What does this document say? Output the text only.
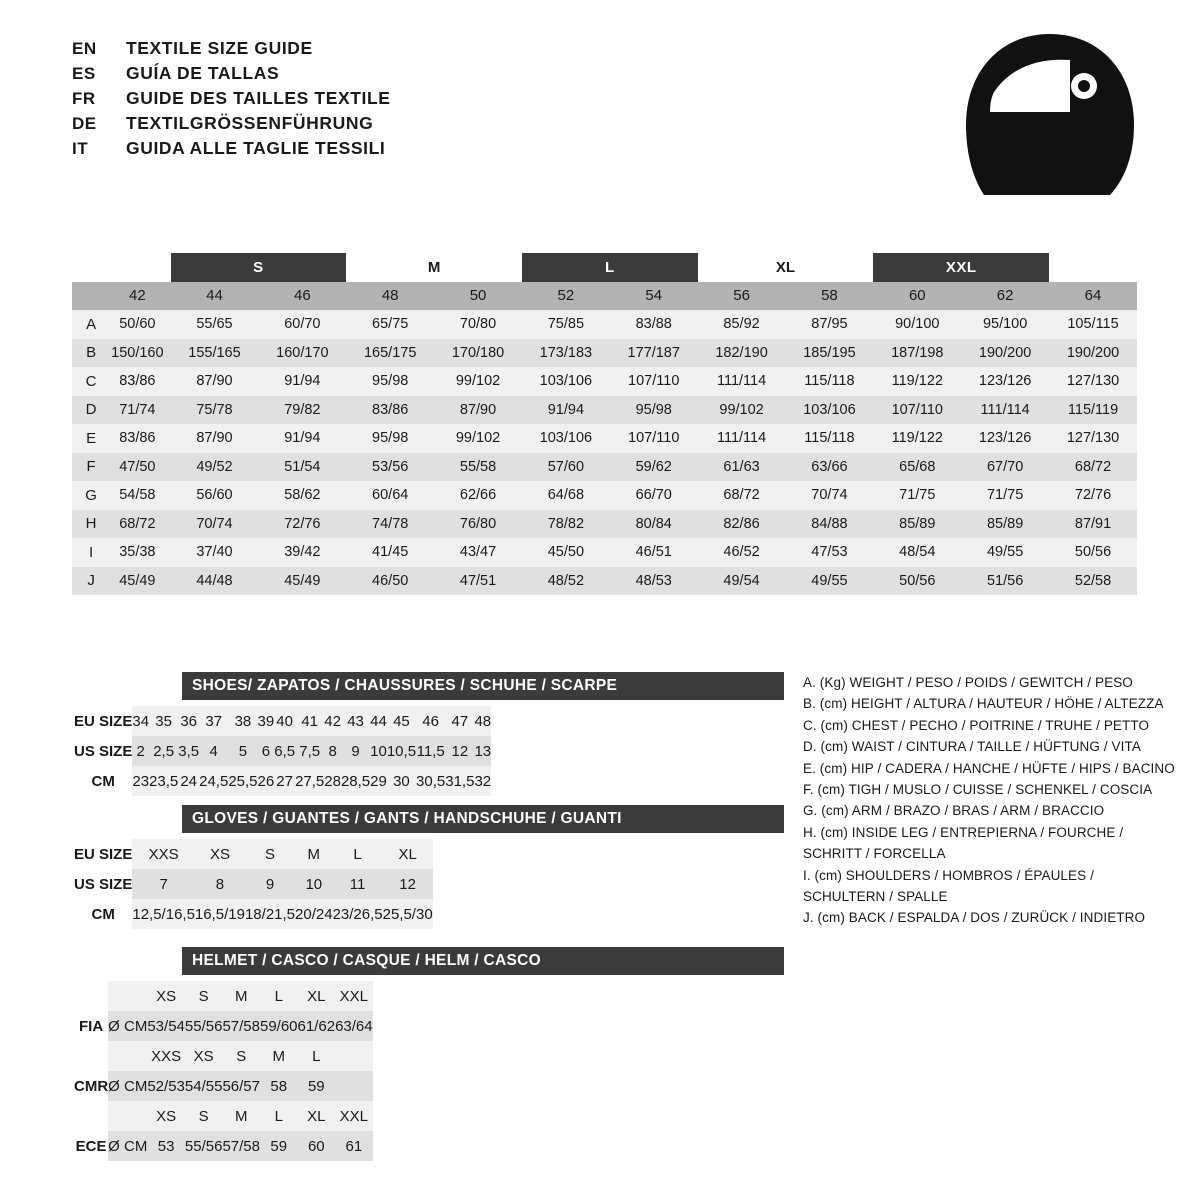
EN	TEXTILE SIZE GUIDE
ES	GUÍA DE TALLAS
FR	GUIDE DES TAILLES TEXTILE
DE	TEXTILGRÖSSENFÜHRUNG
IT	GUIDA ALLE TAGLIE TESSILI
		S		M		L		XL		XXL		
	42	44	46	48	50	52	54	56	58	60	62	64
A	50/60	55/65	60/70	65/75	70/80	75/85	83/88	85/92	87/95	90/100	95/100	105/115
B	150/160	155/165	160/170	165/175	170/180	173/183	177/187	182/190	185/195	187/198	190/200	190/200
C	83/86	87/90	91/94	95/98	99/102	103/106	107/110	111/114	115/118	119/122	123/126	127/130
D	71/74	75/78	79/82	83/86	87/90	91/94	95/98	99/102	103/106	107/110	111/114	115/119
E	83/86	87/90	91/94	95/98	99/102	103/106	107/110	111/114	115/118	119/122	123/126	127/130
F	47/50	49/52	51/54	53/56	55/58	57/60	59/62	61/63	63/66	65/68	67/70	68/72
G	54/58	56/60	58/62	60/64	62/66	64/68	66/70	68/72	70/74	71/75	71/75	72/76
H	68/72	70/74	72/76	74/78	76/80	78/82	80/84	82/86	84/88	85/89	85/89	87/91
I	35/38	37/40	39/42	41/45	43/47	45/50	46/51	46/52	47/53	48/54	49/55	50/56
J	45/49	44/48	45/49	46/50	47/51	48/52	48/53	49/54	49/55	50/56	51/56	52/58
SHOES/ ZAPATOS / CHAUSSURES / SCHUHE / SCARPE
EU SIZE	34	35	36	37	38	39	40	41	42	43	44	45	46	47	48
US SIZE	2	2,5	3,5	4	5	6	6,5	7,5	8	9	10	10,5	11,5	12	13
CM	23	23,5	24	24,5	25,5	26	27	27,5	28	28,5	29	30	30,5	31,5	32
GLOVES / GUANTES / GANTS / HANDSCHUHE / GUANTI
EU SIZE	XXS	XS	S	M	L	XL
US SIZE	7	8	9	10	11	12
CM	12,5/16,5	16,5/19	18/21,5	20/24	23/26,5	25,5/30
HELMET / CASCO / CASQUE / HELM / CASCO
		XS	S	M	L	XL	XXL
FIA	Ø CM	53/54	55/56	57/58	59/60	61/62	63/64
		XXS	XS	S	M	L	
CMR	Ø CM	52/53	54/55	56/57	58	59	
		XS	S	M	L	XL	XXL
ECE	Ø CM	53	55/56	57/58	59	60	61
A. (Kg) WEIGHT / PESO / POIDS / GEWITCH / PESO
B. (cm) HEIGHT / ALTURA / HAUTEUR / HÖHE / ALTEZZA
C. (cm) CHEST / PECHO / POITRINE / TRUHE / PETTO
D. (cm) WAIST / CINTURA / TAILLE / HÜFTUNG / VITA
E. (cm) HIP / CADERA / HANCHE / HÜFTE / HIPS / BACINO
F. (cm) TIGH / MUSLO / CUISSE / SCHENKEL / COSCIA
G. (cm) ARM / BRAZO / BRAS / ARM / BRACCIO
H. (cm) INSIDE LEG / ENTREPIERNA / FOURCHE /
SCHRITT / FORCELLA
I. (cm) SHOULDERS / HOMBROS / ÉPAULES /
SCHULTERN / SPALLE
J. (cm) BACK / ESPALDA / DOS / ZURÜCK / INDIETRO
